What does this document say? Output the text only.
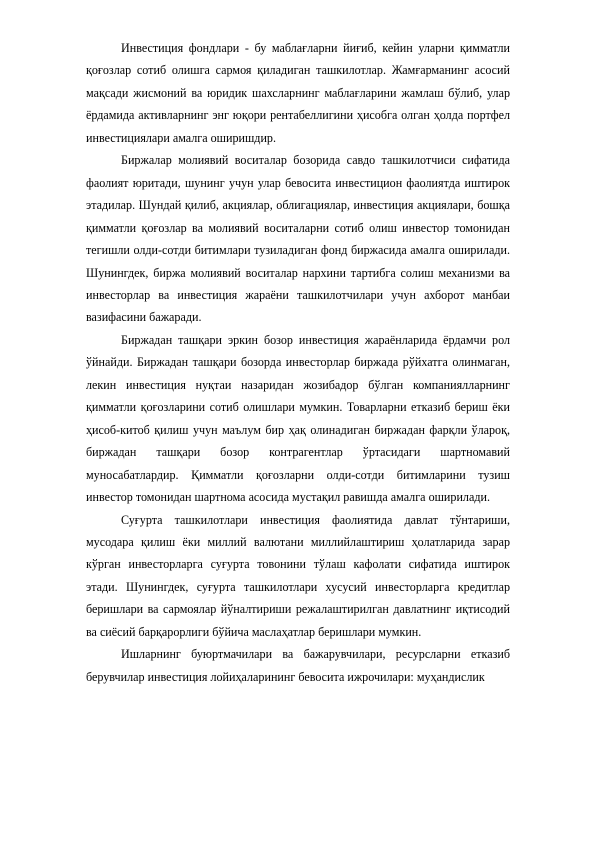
Инвестиция фондлари - бу маблағларни йиғиб, кейин уларни қимматли қоғозлар сотиб олишга сармоя қиладиган ташкилотлар. Жамғарманинг асосий мақсади жисмоний ва юридик шахсларнинг маблағларини жамлаш бўлиб, улар ёрдамида активларнинг энг юқори рентабеллигини ҳисобга олган ҳолда портфел инвестициялари амалга оширишдир.

Биржалар молиявий воситалар бозорида савдо ташкилотчиси сифатида фаолият юритади, шунинг учун улар бевосита инвестицион фаолиятда иштирок этадилар. Шундай қилиб, акциялар, облигациялар, инвестиция акциялари, бошқа қимматли қоғозлар ва молиявий воситаларни сотиб олиш инвестор томонидан тегишли олди-сотди битимлари тузиладиган фонд биржасида амалга оширилади. Шунингдек, биржа молиявий воситалар нархини тартибга солиш механизми ва инвесторлар ва инвестиция жараёни ташкилотчилари учун ахборот манбаи вазифасини бажаради.

Биржадан ташқари эркин бозор инвестиция жараёнларида ёрдамчи рол ўйнайди. Биржадан ташқари бозорда инвесторлар биржада рўйхатга олинмаган, лекин инвестиция нуқтаи назаридан жозибадор бўлган компаниялларнинг қимматли қоғозларини сотиб олишлари мумкин. Товарларни етказиб бериш ёки ҳисоб-китоб қилиш учун маълум бир ҳақ олинадиган биржадан фарқли ўлароқ, биржадан ташқари бозор контрагентлар ўртасидаги шартномавий муносабатлардир. Қимматли қоғозларни олди-сотди битимларини тузиш инвестор томонидан шартнома асосида мустақил равишда амалга оширилади.

Суғурта ташкилотлари инвестиция фаолиятида давлат тўнтариши, мусодара қилиш ёки миллий валютани миллийлаштириш ҳолатларида зарар кўрган инвесторларга суғурта товонини тўлаш кафолати сифатида иштирок этади. Шунингдек, суғурта ташкилотлари хусусий инвесторларга кредитлар беришлари ва сармоялар йўналтириши режалаштирилган давлатнинг иқтисодий ва сиёсий барқарорлиги бўйича маслаҳатлар беришлари мумкин.

Ишларнинг буюртмачилари ва бажарувчилари, ресурсларни етказиб берувчилар инвестиция лойиҳаларининг бевосита ижрочилари: муҳандислик
